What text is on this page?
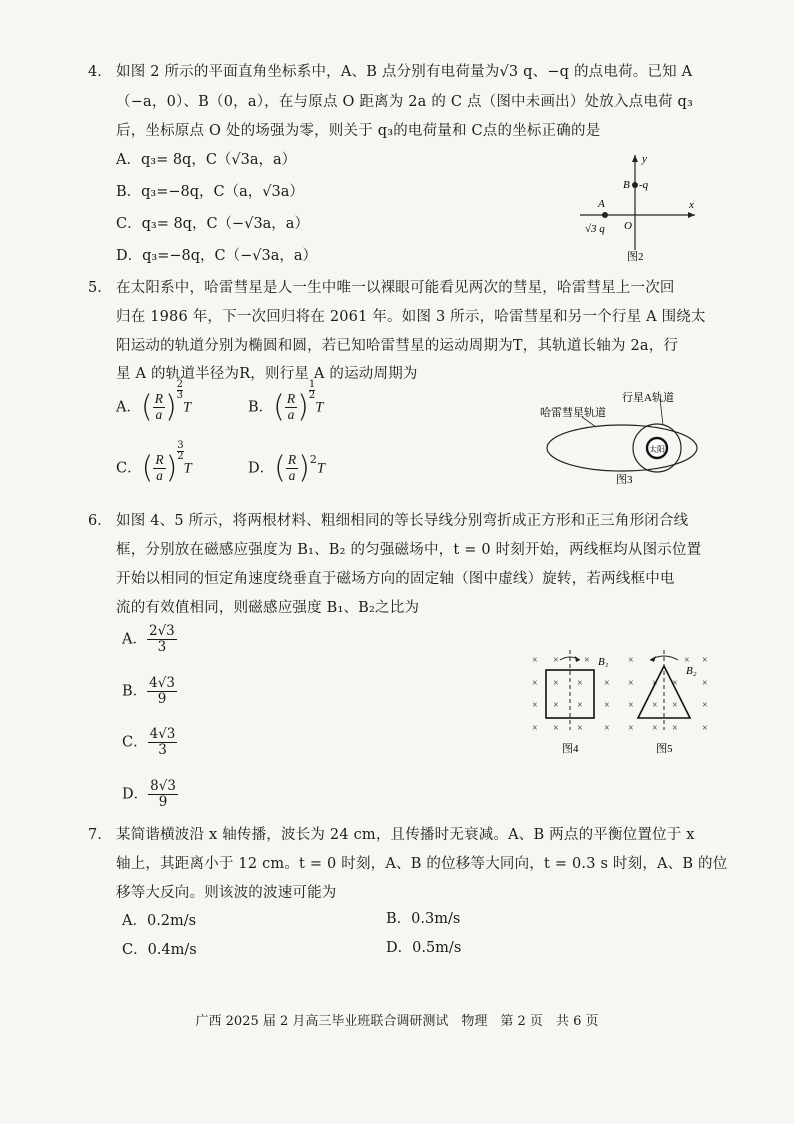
4． 如图 2 所示的平面直角坐标系中，A、B 点分别有电荷量为√3 q、−q 的点电荷。已知 A
（−a，0）、B（0，a），在与原点 O 距离为 2a 的 C 点（图中未画出）处放入点电荷 q₃
后，坐标原点 O 处的场强为零，则关于 q₃的电荷量和 C点的坐标正确的是
A．q₃= 8q，C（√3a，a）
B．q₃=−8q，C（a，√3a）
C．q₃= 8q，C（−√3a，a）
D．q₃=−8q，C（−√3a，a）
y
x
B -q
A
√3 q O
图2
5． 在太阳系中，哈雷彗星是人一生中唯一以裸眼可能看见两次的彗星，哈雷彗星上一次回
归在 1986 年，下一次回归将在 2061 年。如图 3 所示，哈雷彗星和另一个行星 A 围绕太
阳运动的轨道分别为椭圆和圆，若已知哈雷彗星的运动周期为T，其轨道长轴为 2a，行
星 A 的轨道半径为R，则行星 A 的运动周期为
A．( $\frac{R}{a}$ ) $\frac{2}{3}$
T	B．( $\frac{R}{a}$ ) $\frac{1}{2}$
T
C．( $\frac{R}{a}$ ) $\frac{3}{2}$
T	D．( $\frac{R}{a} )^2T$
行星A轨道
哈雷彗星轨道
太阳
图3
6． 如图 4、5 所示，将两根材料、粗细相同的等长导线分别弯折成正方形和正三角形闭合线
框，分别放在磁感应强度为 B₁、B₂ 的匀强磁场中，t = 0 时刻开始，两线框均从图示位置
开始以相同的恒定角速度绕垂直于磁场方向的固定轴（图中虚线）旋转，若两线框中电
流的有效值相同，则磁感应强度 B₁、B₂之比为
A． $\frac{2√3}{3}$
B． $\frac{4√3}{9}$
C． $\frac{4√3}{3}$
D． $\frac{8√3}{9}$
× ×	×
× × × ×
× × × ×
× × × ×
B₁
图4
×	× ×
× × × ×
× × × ×
× × × ×
B₂
图5
7． 某简谐横波沿 x 轴传播，波长为 24 cm，且传播时无衰减。A、B 两点的平衡位置位于 x
轴上，其距离小于 12 cm。t = 0 时刻，A、B 的位移等大同向，t = 0.3 s 时刻，A、B 的位
移等大反向。则该波的波速可能为
A．0.2m/s	B．0.3m/s
C．0.4m/s	D．0.5m/s
广西 2025 届 2 月高三毕业班联合调研测试　物理　第 2 页　共 6 页
